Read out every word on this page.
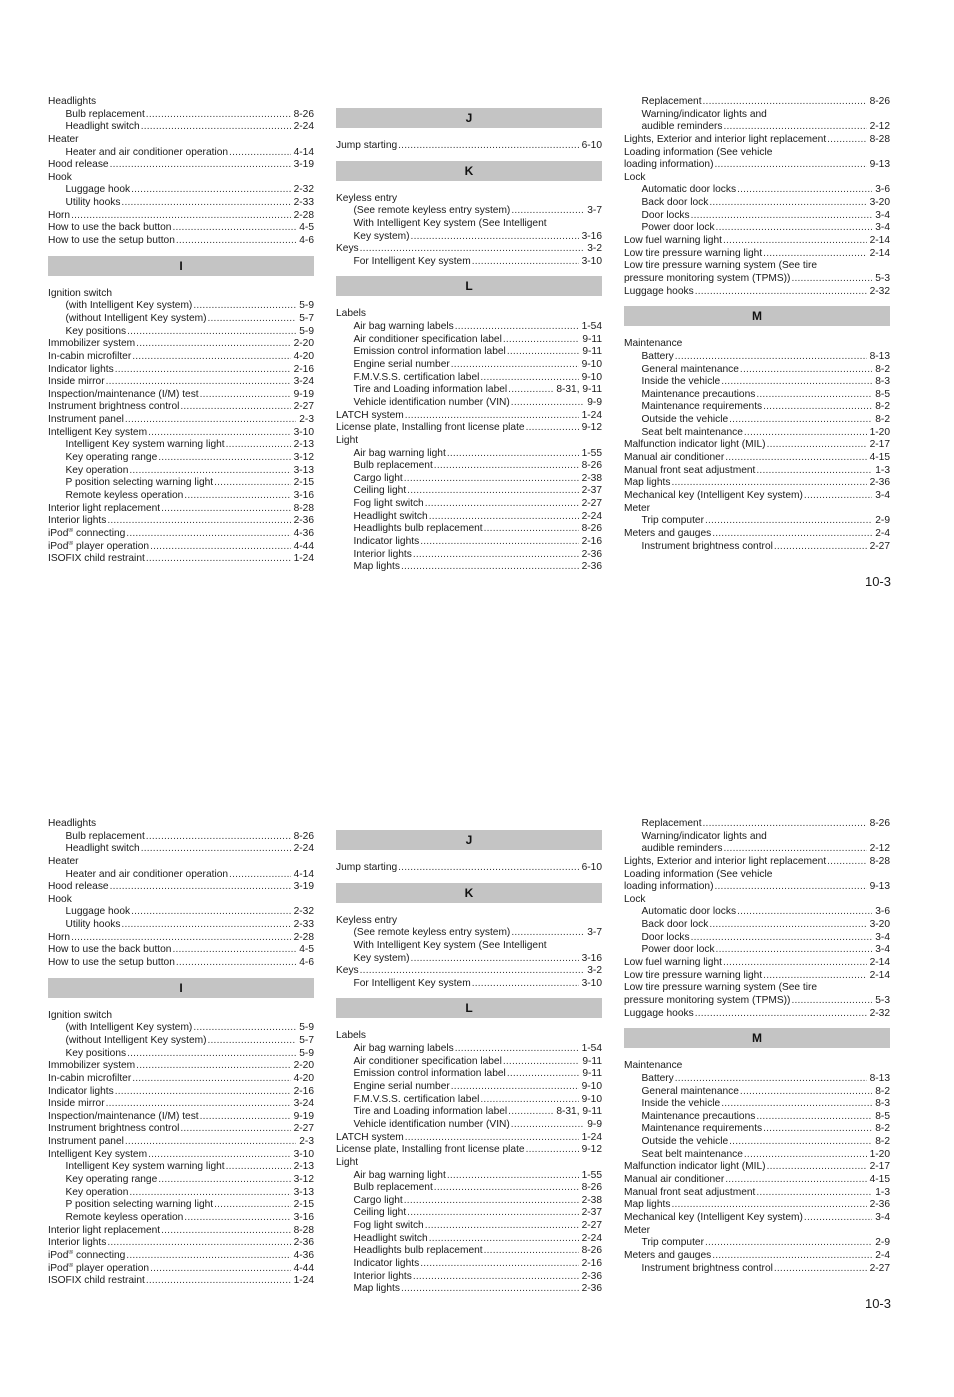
Headlights
Bulb replacement .....	8-26
Headlight switch .....	2-24
Heater
Heater and air conditioner operation .....	4-14
Hood release .....	3-19
Hook
Luggage hook .....	2-32
Utility hooks .....	2-33
Horn .....	2-28
How to use the back button .....	4-5
How to use the setup button .....	4-6
I
Ignition switch
(with Intelligent Key system) .....	5-9
(without Intelligent Key system) .....	5-7
Key positions .....	5-9
Immobilizer system .....	2-20
In-cabin microfilter .....	4-20
Indicator lights .....	2-16
Inside mirror .....	3-24
Inspection/maintenance (I/M) test .....	9-19
Instrument brightness control .....	2-27
Instrument panel .....	2-3
Intelligent Key system .....	3-10
Intelligent Key system warning light .....	2-13
Key operating range .....	3-12
Key operation .....	3-13
P position selecting warning light .....	2-15
Remote keyless operation .....	3-16
Interior light replacement .....	8-28
Interior lights .....	2-36
iPod® connecting .....	4-36
iPod® player operation .....	4-44
ISOFIX child restraint .....	1-24
J
Jump starting .....	6-10
K
Keyless entry
(See remote keyless entry system) .....	3-7
With Intelligent Key system (See Intelligent
Key system) .....	3-16
Keys .....	3-2
For Intelligent Key system .....	3-10
L
Labels
Air bag warning labels .....	1-54
Air conditioner specification label .....	9-11
Emission control information label .....	9-11
Engine serial number .....	9-10
F.M.V.S.S. certification label .....	9-10
Tire and Loading information label .....	8-31, 9-11
Vehicle identification number (VIN) .....	9-9
LATCH system .....	1-24
License plate, Installing front license plate .....	9-12
Light
Air bag warning light .....	1-55
Bulb replacement .....	8-26
Cargo light .....	2-38
Ceiling light .....	2-37
Fog light switch .....	2-27
Headlight switch .....	2-24
Headlights bulb replacement .....	8-26
Indicator lights .....	2-16
Interior lights .....	2-36
Map lights .....	2-36
Replacement .....	8-26
Warning/indicator lights and
audible reminders .....	2-12
Lights, Exterior and interior light replacement .....	8-28
Loading information (See vehicle
loading information) .....	9-13
Lock
Automatic door locks .....	3-6
Back door lock .....	3-20
Door locks .....	3-4
Power door lock .....	3-4
Low fuel warning light .....	2-14
Low tire pressure warning light .....	2-14
Low tire pressure warning system (See tire
pressure monitoring system (TPMS)) .....	5-3
Luggage hooks .....	2-32
M
Maintenance
Battery .....	8-13
General maintenance .....	8-2
Inside the vehicle .....	8-3
Maintenance precautions .....	8-5
Maintenance requirements .....	8-2
Outside the vehicle .....	8-2
Seat belt maintenance .....	1-20
Malfunction indicator light (MIL) .....	2-17
Manual air conditioner .....	4-15
Manual front seat adjustment .....	1-3
Map lights .....	2-36
Mechanical key (Intelligent Key system) .....	3-4
Meter
Trip computer .....	2-9
Meters and gauges .....	2-4
Instrument brightness control .....	2-27
10-3
Headlights
Bulb replacement .....	8-26
Headlight switch .....	2-24
Heater
Heater and air conditioner operation .....	4-14
Hood release .....	3-19
Hook
Luggage hook .....	2-32
Utility hooks .....	2-33
Horn .....	2-28
How to use the back button .....	4-5
How to use the setup button .....	4-6
I
Ignition switch
(with Intelligent Key system) .....	5-9
(without Intelligent Key system) .....	5-7
Key positions .....	5-9
Immobilizer system .....	2-20
In-cabin microfilter .....	4-20
Indicator lights .....	2-16
Inside mirror .....	3-24
Inspection/maintenance (I/M) test .....	9-19
Instrument brightness control .....	2-27
Instrument panel .....	2-3
Intelligent Key system .....	3-10
Intelligent Key system warning light .....	2-13
Key operating range .....	3-12
Key operation .....	3-13
P position selecting warning light .....	2-15
Remote keyless operation .....	3-16
Interior light replacement .....	8-28
Interior lights .....	2-36
iPod® connecting .....	4-36
iPod® player operation .....	4-44
ISOFIX child restraint .....	1-24
J
Jump starting .....	6-10
K
Keyless entry
(See remote keyless entry system) .....	3-7
With Intelligent Key system (See Intelligent
Key system) .....	3-16
Keys .....	3-2
For Intelligent Key system .....	3-10
L
Labels
Air bag warning labels .....	1-54
Air conditioner specification label .....	9-11
Emission control information label .....	9-11
Engine serial number .....	9-10
F.M.V.S.S. certification label .....	9-10
Tire and Loading information label .....	8-31, 9-11
Vehicle identification number (VIN) .....	9-9
LATCH system .....	1-24
License plate, Installing front license plate .....	9-12
Light
Air bag warning light .....	1-55
Bulb replacement .....	8-26
Cargo light .....	2-38
Ceiling light .....	2-37
Fog light switch .....	2-27
Headlight switch .....	2-24
Headlights bulb replacement .....	8-26
Indicator lights .....	2-16
Interior lights .....	2-36
Map lights .....	2-36
Replacement .....	8-26
Warning/indicator lights and
audible reminders .....	2-12
Lights, Exterior and interior light replacement .....	8-28
Loading information (See vehicle
loading information) .....	9-13
Lock
Automatic door locks .....	3-6
Back door lock .....	3-20
Door locks .....	3-4
Power door lock .....	3-4
Low fuel warning light .....	2-14
Low tire pressure warning light .....	2-14
Low tire pressure warning system (See tire
pressure monitoring system (TPMS)) .....	5-3
Luggage hooks .....	2-32
M
Maintenance
Battery .....	8-13
General maintenance .....	8-2
Inside the vehicle .....	8-3
Maintenance precautions .....	8-5
Maintenance requirements .....	8-2
Outside the vehicle .....	8-2
Seat belt maintenance .....	1-20
Malfunction indicator light (MIL) .....	2-17
Manual air conditioner .....	4-15
Manual front seat adjustment .....	1-3
Map lights .....	2-36
Mechanical key (Intelligent Key system) .....	3-4
Meter
Trip computer .....	2-9
Meters and gauges .....	2-4
Instrument brightness control .....	2-27
10-3
